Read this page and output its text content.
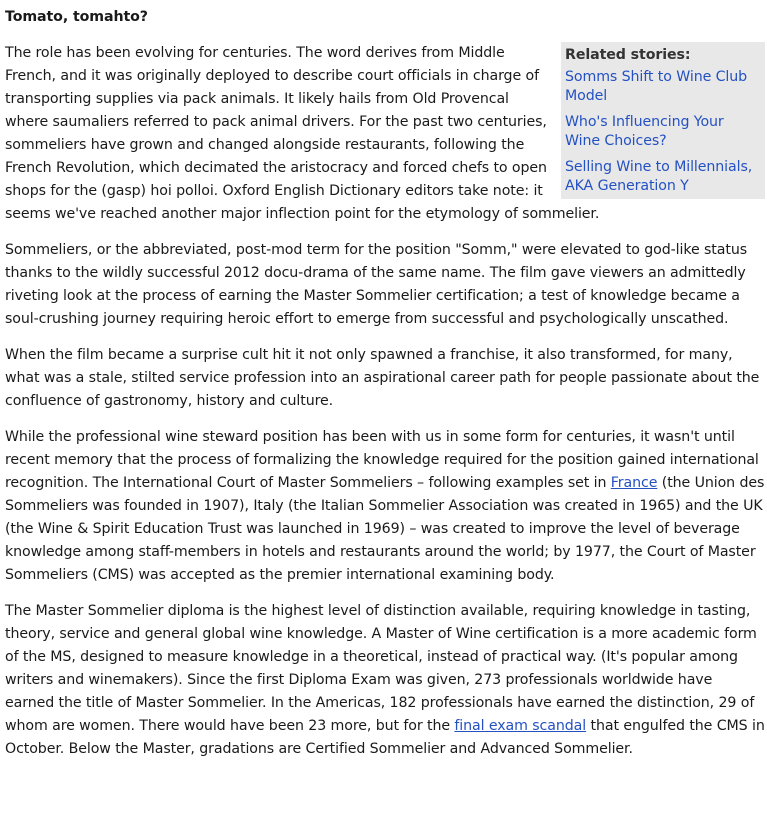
Tomato, tomahto?

Related stories:
Somms Shift to Wine Club Model
Who's Influencing Your Wine Choices?
Selling Wine to Millennials, AKA Generation Y
The role has been evolving for centuries. The word derives from Middle French, and it was originally deployed to describe court officials in charge of transporting supplies via pack animals. It likely hails from Old Provencal where saumaliers referred to pack animal drivers. For the past two centuries, sommeliers have grown and changed alongside restaurants, following the French Revolution, which decimated the aristocracy and forced chefs to open shops for the (gasp) hoi polloi. Oxford English Dictionary editors take note: it seems we've reached another major inflection point for the etymology of sommelier.

Sommeliers, or the abbreviated, post-mod term for the position "Somm," were elevated to god-like status thanks to the wildly successful 2012 docu-drama of the same name. The film gave viewers an admittedly riveting look at the process of earning the Master Sommelier certification; a test of knowledge became a soul-crushing journey requiring heroic effort to emerge from successful and psychologically unscathed.

When the film became a surprise cult hit it not only spawned a franchise, it also transformed, for many, what was a stale, stilted service profession into an aspirational career path for people passionate about the confluence of gastronomy, history and culture.

While the professional wine steward position has been with us in some form for centuries, it wasn't until recent memory that the process of formalizing the knowledge required for the position gained international recognition. The International Court of Master Sommeliers – following examples set in France (the Union des Sommeliers was founded in 1907), Italy (the Italian Sommelier Association was created in 1965) and the UK (the Wine & Spirit Education Trust was launched in 1969) – was created to improve the level of beverage knowledge among staff-members in hotels and restaurants around the world; by 1977, the Court of Master Sommeliers (CMS) was accepted as the premier international examining body.

The Master Sommelier diploma is the highest level of distinction available, requiring knowledge in tasting, theory, service and general global wine knowledge. A Master of Wine certification is a more academic form of the MS, designed to measure knowledge in a theoretical, instead of practical way. (It's popular among writers and winemakers). Since the first Diploma Exam was given, 273 professionals worldwide have earned the title of Master Sommelier. In the Americas, 182 professionals have earned the distinction, 29 of whom are women. There would have been 23 more, but for the final exam scandal that engulfed the CMS in October. Below the Master, gradations are Certified Sommelier and Advanced Sommelier.
